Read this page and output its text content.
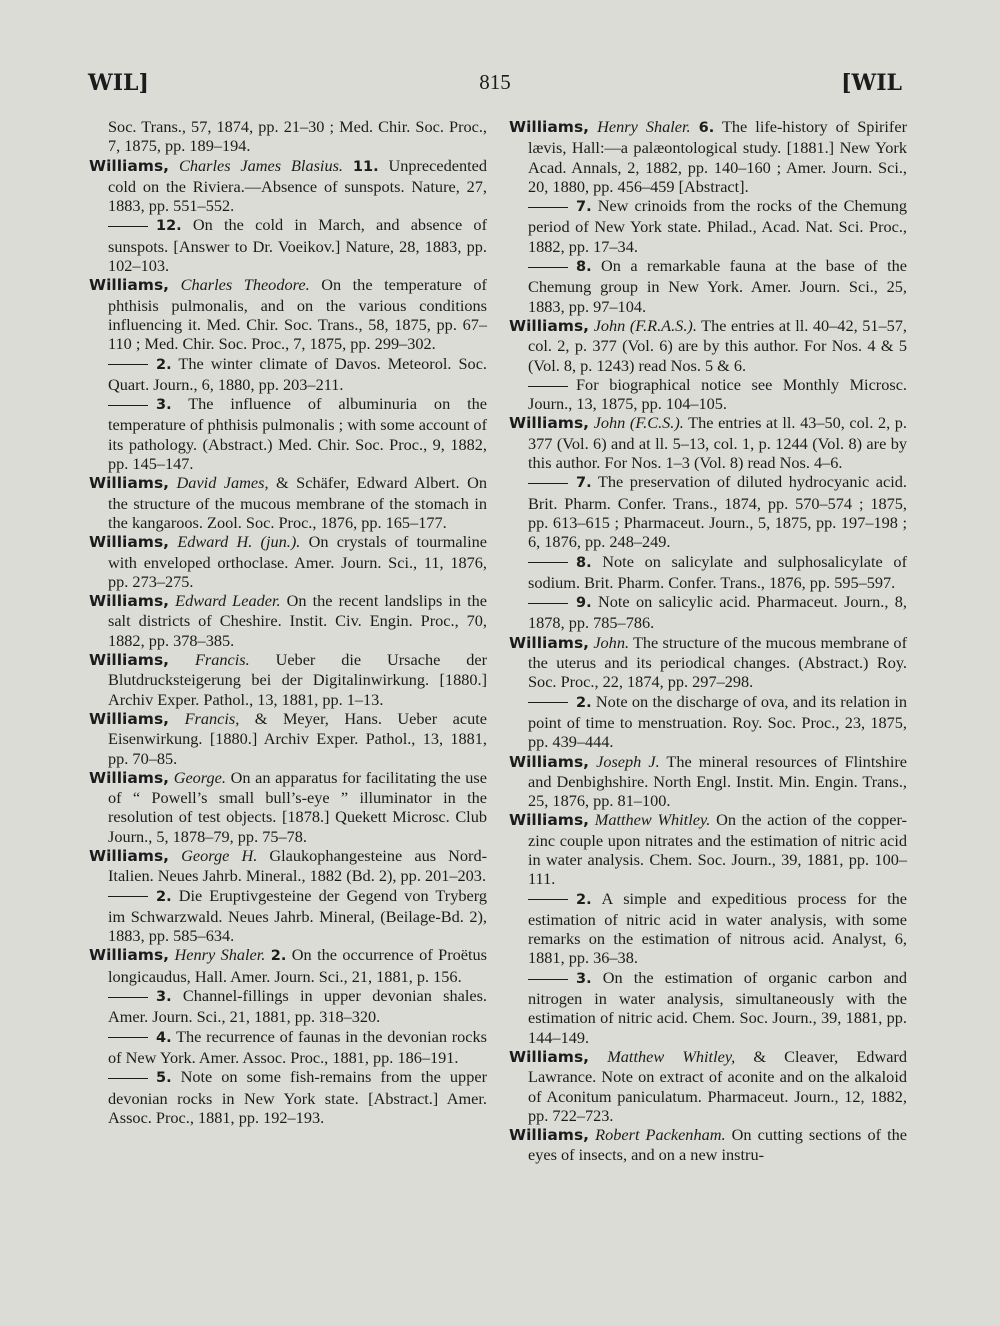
WIL]	815	[WIL

Soc. Trans., 57, 1874, pp. 21–30 ; Med. Chir. Soc. Proc., 7, 1875, pp. 189–194.

Williams, Charles James Blasius. 11. Unprecedented cold on the Riviera.—Absence of sunspots. Nature, 27, 1883, pp. 551–552.

12. On the cold in March, and absence of sunspots. [Answer to Dr. Voeikov.] Nature, 28, 1883, pp. 102–103.

Williams, Charles Theodore. On the temperature of phthisis pulmonalis, and on the various conditions influencing it. Med. Chir. Soc. Trans., 58, 1875, pp. 67–110 ; Med. Chir. Soc. Proc., 7, 1875, pp. 299–302.

2. The winter climate of Davos. Meteorol. Soc. Quart. Journ., 6, 1880, pp. 203–211.

3. The influence of albuminuria on the temperature of phthisis pulmonalis ; with some account of its pathology. (Abstract.) Med. Chir. Soc. Proc., 9, 1882, pp. 145–147.

Williams, David James, & Schäfer, Edward Albert. On the structure of the mucous membrane of the stomach in the kangaroos. Zool. Soc. Proc., 1876, pp. 165–177.

Williams, Edward H. (jun.). On crystals of tourmaline with enveloped orthoclase. Amer. Journ. Sci., 11, 1876, pp. 273–275.

Williams, Edward Leader. On the recent landslips in the salt districts of Cheshire. Instit. Civ. Engin. Proc., 70, 1882, pp. 378–385.

Williams, Francis. Ueber die Ursache der Blutdrucksteigerung bei der Digitalinwirkung. [1880.] Archiv Exper. Pathol., 13, 1881, pp. 1–13.

Williams, Francis, & Meyer, Hans. Ueber acute Eisenwirkung. [1880.] Archiv Exper. Pathol., 13, 1881, pp. 70–85.

Williams, George. On an apparatus for facilitating the use of “ Powell’s small bull’s-eye ” illuminator in the resolution of test objects. [1878.] Quekett Microsc. Club Journ., 5, 1878–79, pp. 75–78.

Williams, George H. Glaukophangesteine aus Nord-Italien. Neues Jahrb. Mineral., 1882 (Bd. 2), pp. 201–203.

2. Die Eruptivgesteine der Gegend von Tryberg im Schwarzwald. Neues Jahrb. Mineral, (Beilage-Bd. 2), 1883, pp. 585–634.

Williams, Henry Shaler. 2. On the occurrence of Proëtus longicaudus, Hall. Amer. Journ. Sci., 21, 1881, p. 156.

3. Channel-fillings in upper devonian shales. Amer. Journ. Sci., 21, 1881, pp. 318–320.

4. The recurrence of faunas in the devonian rocks of New York. Amer. Assoc. Proc., 1881, pp. 186–191.

5. Note on some fish-remains from the upper devonian rocks in New York state. [Abstract.] Amer. Assoc. Proc., 1881, pp. 192–193.

Williams, Henry Shaler. 6. The life-history of Spirifer lævis, Hall:—a palæontological study. [1881.] New York Acad. Annals, 2, 1882, pp. 140–160 ; Amer. Journ. Sci., 20, 1880, pp. 456–459 [Abstract].

7. New crinoids from the rocks of the Chemung period of New York state. Philad., Acad. Nat. Sci. Proc., 1882, pp. 17–34.

8. On a remarkable fauna at the base of the Chemung group in New York. Amer. Journ. Sci., 25, 1883, pp. 97–104.

Williams, John (F.R.A.S.). The entries at ll. 40–42, 51–57, col. 2, p. 377 (Vol. 6) are by this author. For Nos. 4 & 5 (Vol. 8, p. 1243) read Nos. 5 & 6.

For biographical notice see Monthly Microsc. Journ., 13, 1875, pp. 104–105.

Williams, John (F.C.S.). The entries at ll. 43–50, col. 2, p. 377 (Vol. 6) and at ll. 5–13, col. 1, p. 1244 (Vol. 8) are by this author. For Nos. 1–3 (Vol. 8) read Nos. 4–6.

7. The preservation of diluted hydrocyanic acid. Brit. Pharm. Confer. Trans., 1874, pp. 570–574 ; 1875, pp. 613–615 ; Pharmaceut. Journ., 5, 1875, pp. 197–198 ; 6, 1876, pp. 248–249.

8. Note on salicylate and sulphosalicylate of sodium. Brit. Pharm. Confer. Trans., 1876, pp. 595–597.

9. Note on salicylic acid. Pharmaceut. Journ., 8, 1878, pp. 785–786.

Williams, John. The structure of the mucous membrane of the uterus and its periodical changes. (Abstract.) Roy. Soc. Proc., 22, 1874, pp. 297–298.

2. Note on the discharge of ova, and its relation in point of time to menstruation. Roy. Soc. Proc., 23, 1875, pp. 439–444.

Williams, Joseph J. The mineral resources of Flintshire and Denbighshire. North Engl. Instit. Min. Engin. Trans., 25, 1876, pp. 81–100.

Williams, Matthew Whitley. On the action of the copper-zinc couple upon nitrates and the estimation of nitric acid in water analysis. Chem. Soc. Journ., 39, 1881, pp. 100–111.

2. A simple and expeditious process for the estimation of nitric acid in water analysis, with some remarks on the estimation of nitrous acid. Analyst, 6, 1881, pp. 36–38.

3. On the estimation of organic carbon and nitrogen in water analysis, simultaneously with the estimation of nitric acid. Chem. Soc. Journ., 39, 1881, pp. 144–149.

Williams, Matthew Whitley, & Cleaver, Edward Lawrance. Note on extract of aconite and on the alkaloid of Aconitum paniculatum. Pharmaceut. Journ., 12, 1882, pp. 722–723.

Williams, Robert Packenham. On cutting sections of the eyes of insects, and on a new instru-
